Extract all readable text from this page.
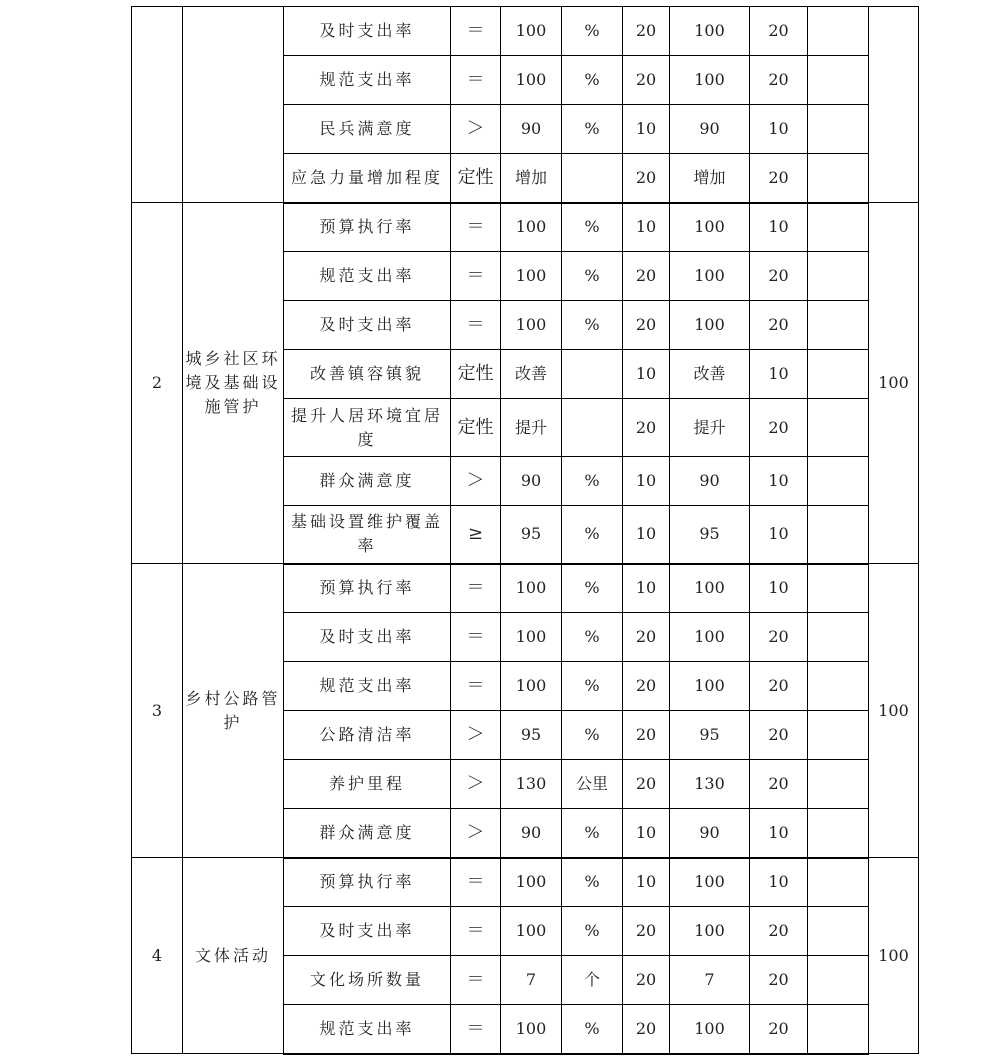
		及时支出率	＝	100	%	20	100	20		
		规范支出率	＝	100	%	20	100	20		
		民兵满意度	＞	90	%	10	90	10		
		应急力量增加程度	定性	增加		20	增加	20		
2	城乡社区环境及基础设施管护	预算执行率	＝	100	%	10	100	10		100
		规范支出率	＝	100	%	20	100	20		
		及时支出率	＝	100	%	20	100	20		
		改善镇容镇貌	定性	改善		10	改善	10		
		提升人居环境宜居度	定性	提升		20	提升	20		
		群众满意度	＞	90	%	10	90	10		
		基础设置维护覆盖率	≥	95	%	10	95	10		
3	乡村公路管护	预算执行率	＝	100	%	10	100	10		100
		及时支出率	＝	100	%	20	100	20		
		规范支出率	＝	100	%	20	100	20		
		公路清洁率	＞	95	%	20	95	20		
		养护里程	＞	130	公里	20	130	20		
		群众满意度	＞	90	%	10	90	10		
4	文体活动	预算执行率	＝	100	%	10	100	10		100
		及时支出率	＝	100	%	20	100	20		
		文化场所数量	＝	7	个	20	7	20		
		规范支出率	＝	100	%	20	100	20		
